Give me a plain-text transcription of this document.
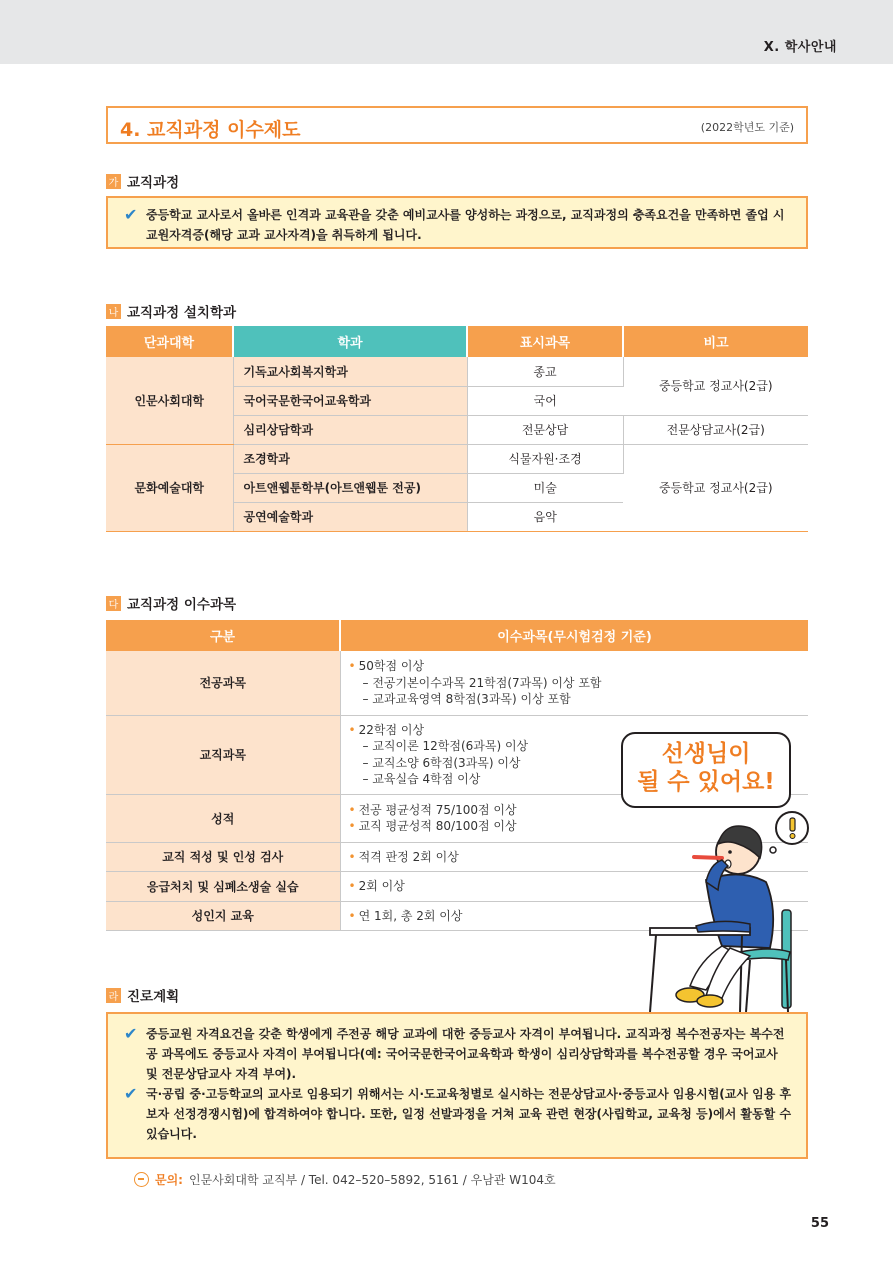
Ⅹ. 학사안내
4. 교직과정 이수제도	(2022학년도 기준)
가 교직과정
✔ 중등학교 교사로서 올바른 인격과 교육관을 갖춘 예비교사를 양성하는 과정으로, 교직과정의 충족요건을 만족하면 졸업 시 교원자격증(해당 교과 교사자격)을 취득하게 됩니다.
나 교직과정 설치학과
단과대학	학과	표시과목	비고
인문사회대학	기독교사회복지학과	종교	중등학교 정교사(2급)
	국어국문한국어교육학과	국어	
	심리상담학과	전문상담	전문상담교사(2급)
문화예술대학	조경학과	식물자원·조경	중등학교 정교사(2급)
	아트앤웹툰학부(아트앤웹툰 전공)	미술	
	공연예술학과	음악	
다 교직과정 이수과목
구분	이수과목(무시험검정 기준)
전공과목	• 50학점 이상
– 전공기본이수과목 21학점(7과목) 이상 포함
– 교과교육영역 8학점(3과목) 이상 포함

교직과목	• 22학점 이상
– 교직이론 12학점(6과목) 이상
– 교직소양 6학점(3과목) 이상
– 교육실습 4학점 이상

성적	• 전공 평균성적 75/100점 이상
• 교직 평균성적 80/100점 이상

교직 적성 및 인성 검사	• 적격 판정 2회 이상
응급처치 및 심폐소생술 실습	• 2회 이상
성인지 교육	• 연 1회, 총 2회 이상
선생님이
될 수 있어요!
라 진로계획
✔ 중등교원 자격요건을 갖춘 학생에게 주전공 해당 교과에 대한 중등교사 자격이 부여됩니다. 교직과정 복수전공자는 복수전공 과목에도 중등교사 자격이 부여됩니다(예: 국어국문한국어교육학과 학생이 심리상담학과를 복수전공할 경우 국어교사 및 전문상담교사 자격 부여).
✔ 국·공립 중·고등학교의 교사로 임용되기 위해서는 시·도교육청별로 실시하는 전문상담교사·중등교사 임용시험(교사 임용 후보자 선정경쟁시험)에 합격하여야 합니다. 또한, 일정 선발과정을 거쳐 교육 관련 현장(사립학교, 교육청 등)에서 활동할 수 있습니다.
문의: 인문사회대학 교직부 / Tel. 042–520–5892, 5161 / 우남관 W104호
55
